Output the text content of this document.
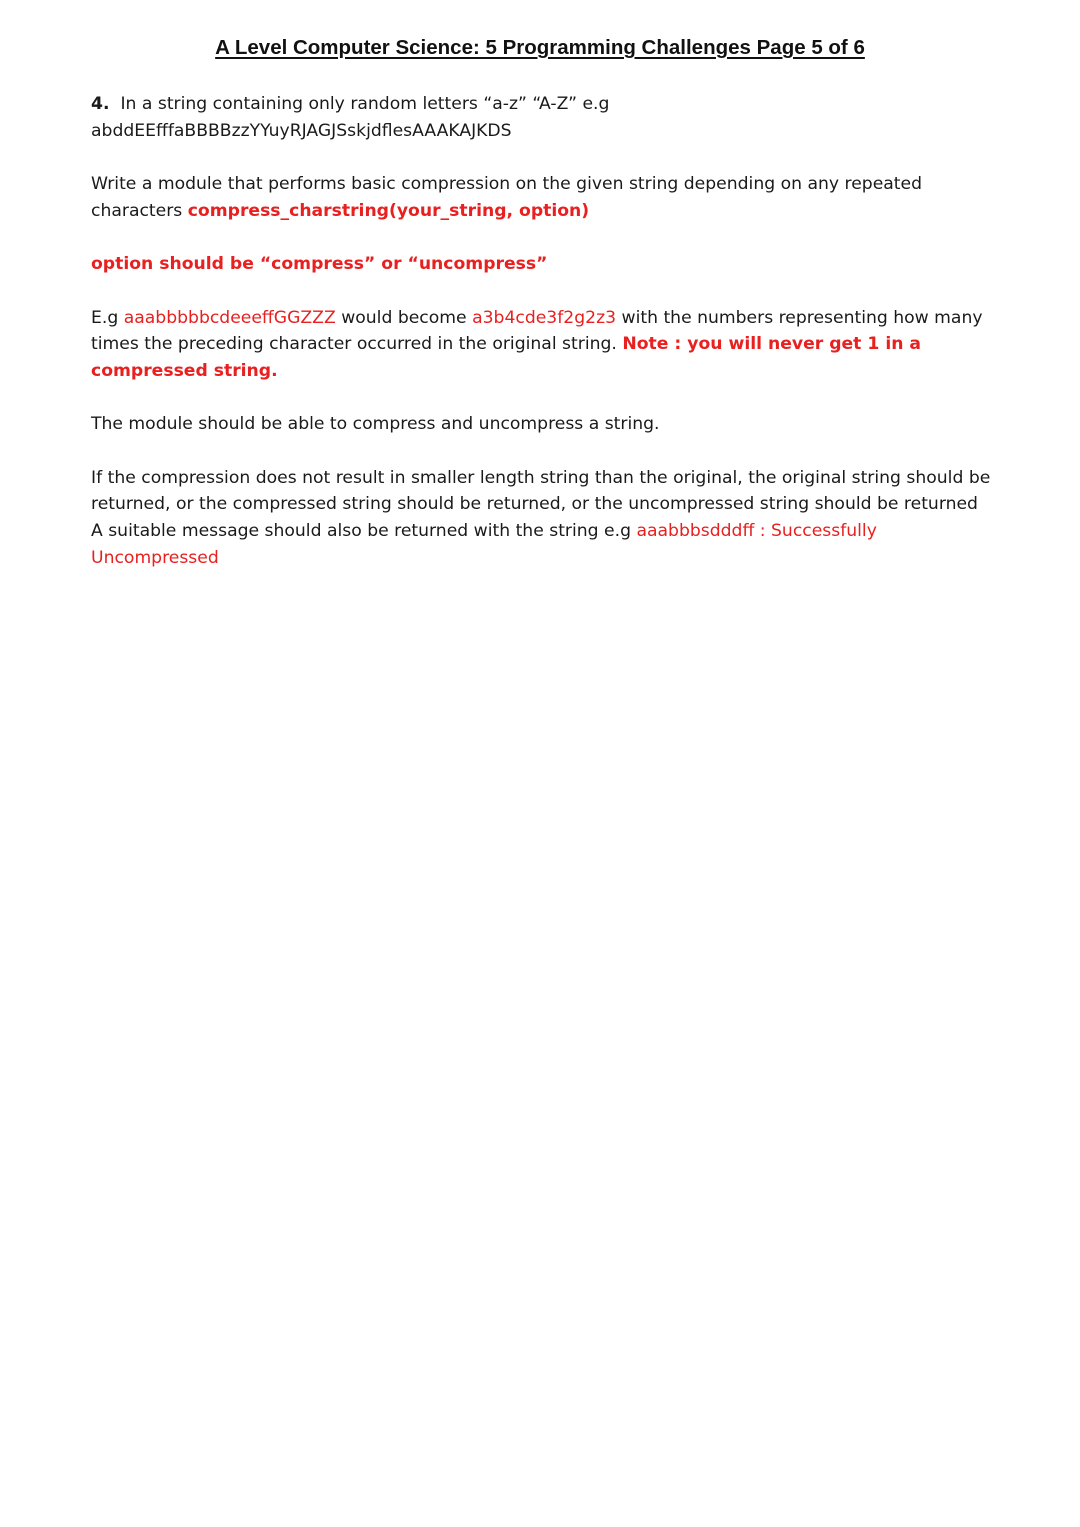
A Level Computer Science: 5 Programming Challenges Page 5 of 6

4. In a string containing only random letters “a-z” “A-Z” e.g

abddEEfffaBBBBzzYYuyRJAGJSskjdflesAAAKAJKDS

Write a module that performs basic compression on the given string depending on any repeated characters compress_charstring(your_string, option)

option should be “compress” or “uncompress”

E.g aaabbbbbcdeeeffGGZZZ would become a3b4cde3f2g2z3 with the numbers representing how many times the preceding character occurred in the original string. Note : you will never get 1 in a compressed string.

The module should be able to compress and uncompress a string.

If the compression does not result in smaller length string than the original, the original string should be returned, or the compressed string should be returned, or the uncompressed string should be returned

A suitable message should also be returned with the string e.g aaabbbsdddff : Successfully Uncompressed
